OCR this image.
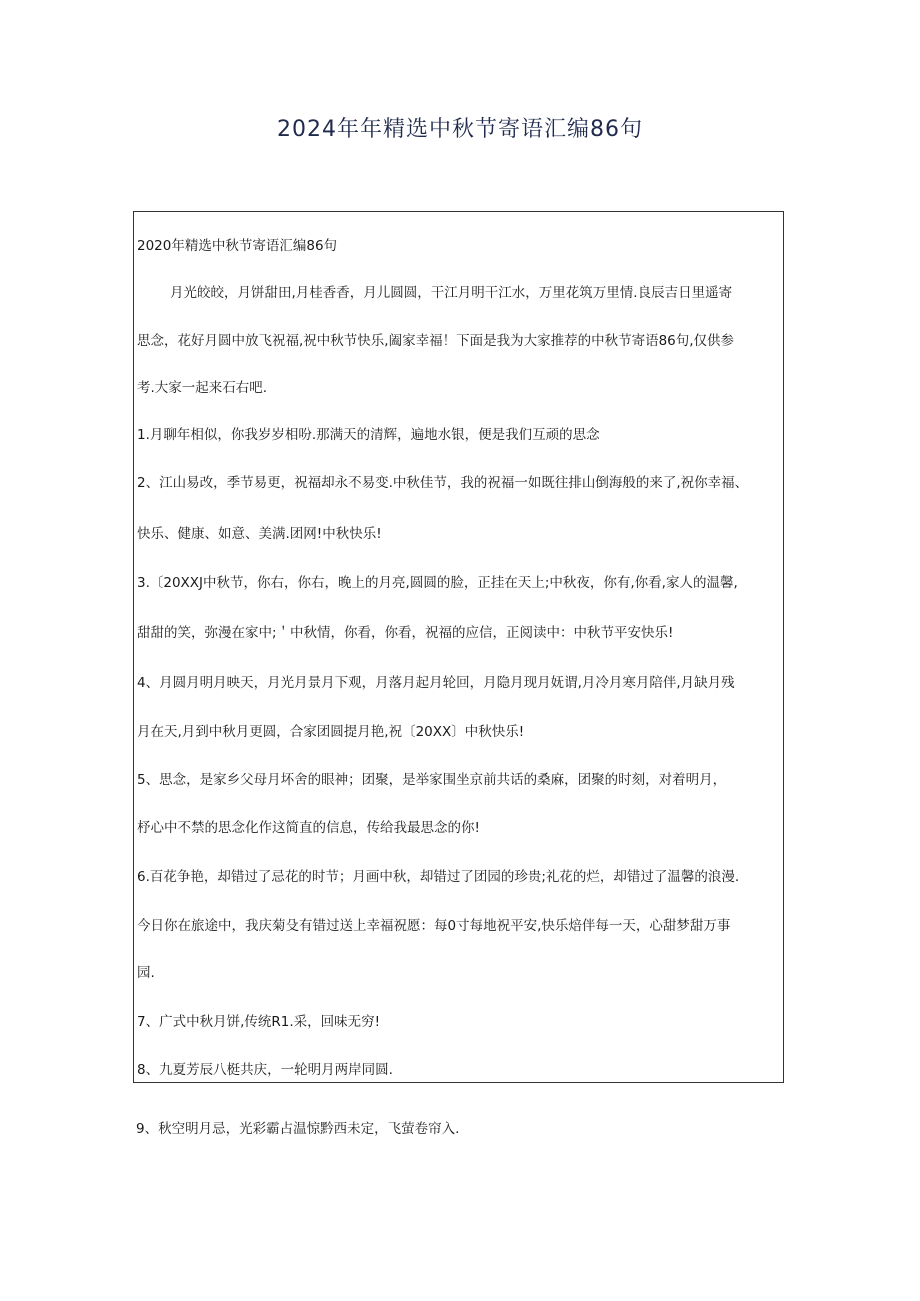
2024年年精选中秋节寄语汇编86句
2020年精选中秋节寄语汇编86句
月光皎皎，月饼甜田,月桂香香，月儿圆圆，干江月明干江水，万里花筑万里情.良辰吉日里遥寄
思念，花好月圆中放飞祝福,祝中秋节快乐,阖家幸福！下面是我为大家推荐的中秋节寄语86句,仅供参
考.大家一起来石右吧.
1.月聊年相似，你我岁岁相吩.那满天的清辉，遍地水银，便是我们互顽的思念
2、江山易改，季节易更，祝福却永不易变.中秋佳节，我的祝福一如既往排山倒海般的来了,祝你幸福、
快乐、健康、如意、美满.团网!中秋快乐!
3.〔20XXJ中秋节，你右，你右，晚上的月亮,圆圆的脸，正挂在天上;中秋夜，你有,你看,家人的温馨,
甜甜的笑，弥漫在家中;＇中秋情，你看，你看，祝福的应信，正阅读中：中秋节平安快乐!
4、月圆月明月映天，月光月景月下观，月落月起月轮回，月隐月现月妩谓,月冷月寒月陪伴,月缺月残
月在天,月到中秋月更圆，合家团圆提月艳,祝〔20XX〕中秋快乐!
5、思念，是家乡父母月坏舍的眼神；团聚，是举家围坐京前共话的桑麻，团聚的时刻，对着明月，
杼心中不禁的思念化作这简直的信息，传给我最思念的你!
6.百花争艳，却错过了忌花的时节；月画中秋，却错过了团园的珍贵;礼花的烂，却错过了温馨的浪漫.
今日你在旅途中，我庆菊殳有错过送上幸福祝愿：每0寸每地祝平安,快乐焙伴每一天，心甜梦甜万事
园.
7、广式中秋月饼,传统R1.采，回味无穷!
8、九夏芳辰八梃共庆，一轮明月两岸同圆.
9、秋空明月忌，光彩霸占温惊黔西未定，飞萤卷帘入.
